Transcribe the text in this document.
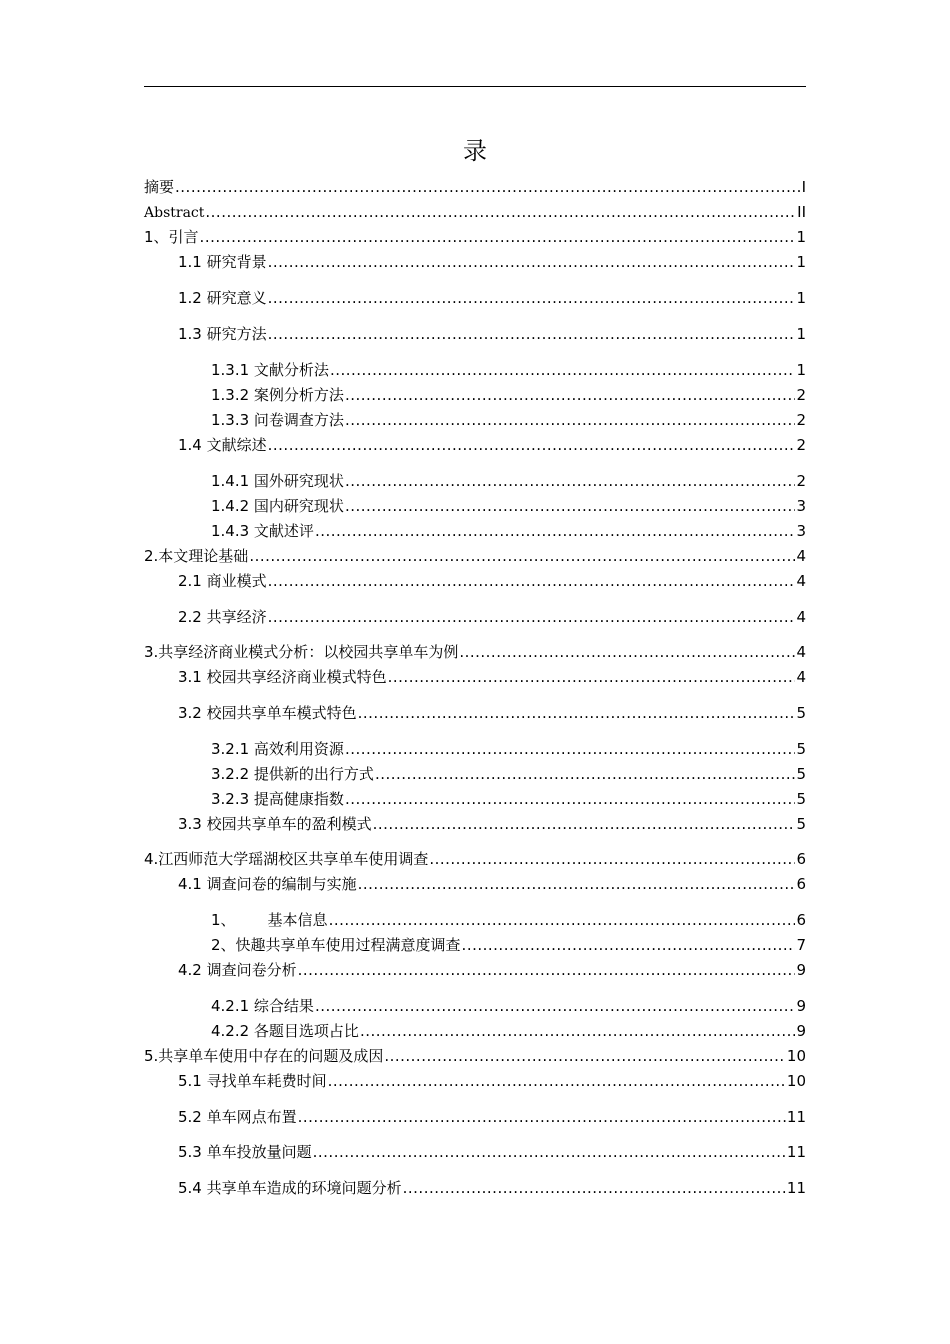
录
摘要 .....	I
Abstract .....	II
1、引言 .....	1
1.1 研究背景 .....	1
1.2 研究意义 .....	1
1.3 研究方法 .....	1
1.3.1 文献分析法 .....	1
1.3.2 案例分析方法 .....	2
1.3.3 问卷调查方法 .....	2
1.4 文献综述 .....	2
1.4.1 国外研究现状 .....	2
1.4.2 国内研究现状 .....	3
1.4.3 文献述评 .....	3
2.本文理论基础 .....	4
2.1 商业模式 .....	4
2.2 共享经济 .....	4
3.共享经济商业模式分析：以校园共享单车为例 .....	4
3.1 校园共享经济商业模式特色 .....	4
3.2 校园共享单车模式特色 .....	5
3.2.1 高效利用资源 .....	5
3.2.2 提供新的出行方式 .....	5
3.2.3 提高健康指数 .....	5
3.3 校园共享单车的盈利模式 .....	5
4.江西师范大学瑶湖校区共享单车使用调查 .....	6
4.1 调查问卷的编制与实施 .....	6
1、 基本信息 .....	6
2、快趣共享单车使用过程满意度调查 .....	7
4.2 调查问卷分析 .....	9
4.2.1 综合结果 .....	9
4.2.2 各题目选项占比 .....	9
5.共享单车使用中存在的问题及成因 .....	10
5.1 寻找单车耗费时间 .....	10
5.2 单车网点布置 .....	11
5.3 单车投放量问题 .....	11
5.4 共享单车造成的环境问题分析 .....	11
